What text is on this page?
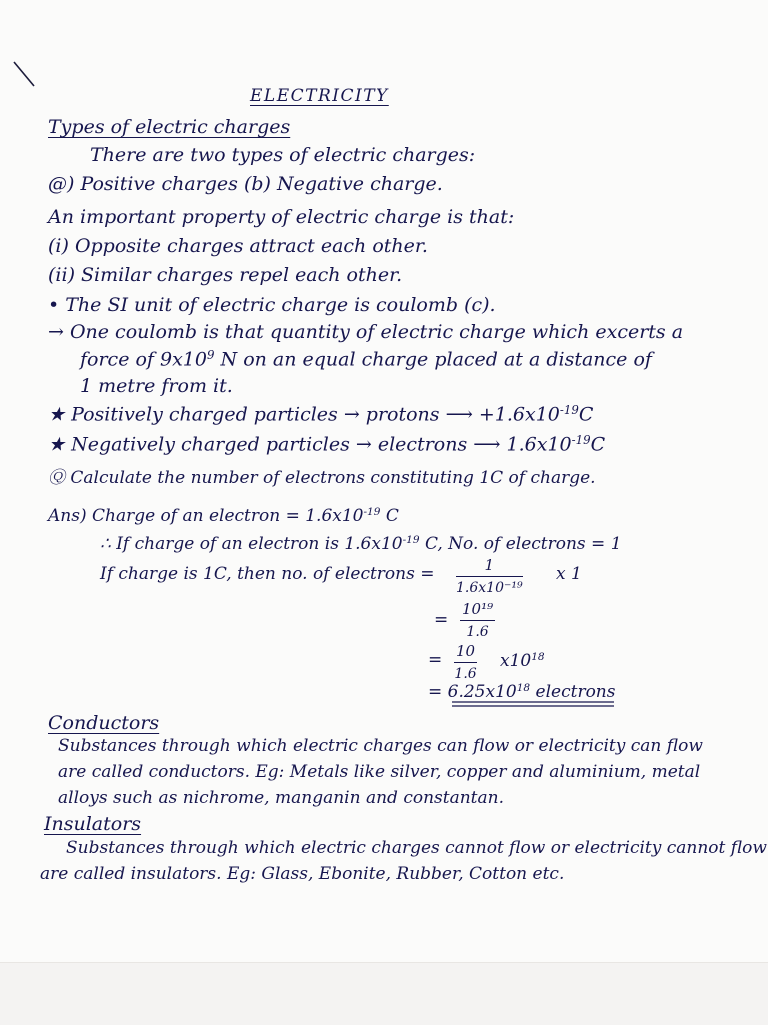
ELECTRICITY
Types of electric charges
There are two types of electric charges:
@) Positive charges (b) Negative charge.
An important property of electric charge is that:
(i) Opposite charges attract each other.
(ii) Similar charges repel each other.
• The SI unit of electric charge is coulomb (c).
→ One coulomb is that quantity of electric charge which excerts a
force of $9x10^9$ N on an equal charge placed at a distance of
1 metre from it.
★ Positively charged particles → protons ⟶ $+1.6x10^{-19}C$
★ Negatively charged particles → electrons ⟶ $1.6x10^{-19}C$
Ⓠ Calculate the number of electrons constituting 1C of charge.
Ans) Charge of an electron = $1.6x10^{-19}$ C
∴ If charge of an electron is $1.6x10^{-19}$ C, No. of electrons = 1
If charge is 1C, then no. of electrons = $\frac{1}{\text{1.6x10⁻¹⁹}}$ x 1
= $\frac{\text{10¹⁹}}{1.6}$
= $\frac{10}{1.6} x10^{18}$
= $6.25x10^{18}$ electrons
Conductors
Substances through which electric charges can flow or electricity can flow
are called conductors. Eg: Metals like silver, copper and aluminium, metal
alloys such as nichrome, manganin and constantan.
Insulators
Substances through which electric charges cannot flow or electricity cannot flow
are called insulators. Eg: Glass, Ebonite, Rubber, Cotton etc.
